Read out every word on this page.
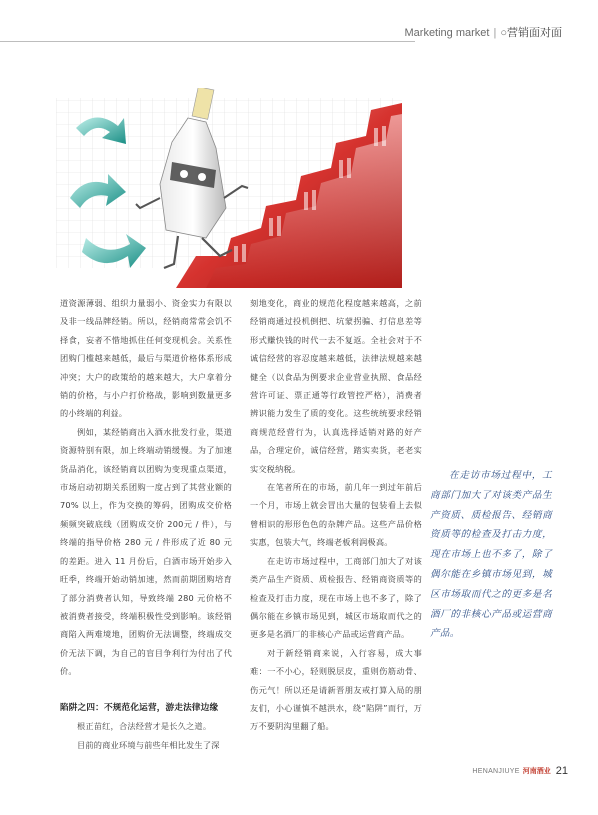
Marketing market | ○营销面对面

道资源薄弱、组织力量弱小、资金实力有限以及非一线品牌经销。所以，经销商常常会饥不择食，妄者不惜地抓住任何变现机会。关系性团购门槛越来越低，最后与渠道价格体系形成冲突；大户的政策给的越来越大，大户拿着分销的价格，与小户打价格战，影响到数量更多的小终端的利益。

例如，某经销商出入酒水批发行业，渠道资源特别有限，加上终端动销缓慢。为了加速货品消化，该经销商以团购为变现重点渠道，市场启动初期关系团购一度占到了其营业额的 70% 以上，作为交换的筹码，团购成交价格频频突破底线（团购成交价 200元 / 件），与终端的指导价格 280 元 / 件形成了近 80 元的差距。进入 11 月份后，白酒市场开始步入旺季，终端开始动销加速，然而前期团购培育了部分消费者认知，导致终端 280 元价格不被消费者接受，终端积极性受到影响。该经销商陷入两难境地，团购价无法调整，终端成交价无法下调，为自己的盲目争利行为付出了代价。

陷阱之四：不规范化运营，游走法律边缘

根正苗红，合法经营才是长久之道。

目前的商业环境与前些年相比发生了深

刻地变化，商业的规范化程度越来越高，之前经销商通过投机倒把、坑蒙拐骗、打信息差等形式赚快钱的时代一去不复返。全社会对于不诚信经营的容忍度越来越低，法律法规越来越健全（以食品为例要求企业营业执照、食品经营许可证、票正通等行政管控严格），消费者辨识能力发生了质的变化。这些统统要求经销商规范经营行为，认真选择适销对路的好产品，合理定价，诚信经营，踏实卖货，老老实实交税纳税。

在笔者所在的市场，前几年一到过年前后一个月，市场上就会冒出大量的包装看上去似曾相识的形形色色的杂牌产品。这些产品价格实惠，包装大气，终端老板利润极高。

在走访市场过程中，工商部门加大了对该类产品生产资质、质检报告、经销商资质等的检查及打击力度，现在市场上也不多了，除了偶尔能在乡镇市场见到，城区市场取而代之的更多是名酒厂的非核心产品或运营商产品。

对于新经销商来说，入行容易，成大事难：一不小心，轻则脱层皮，重则伤筋动骨、伤元气！所以还是请新晋朋友戒打算入局的朋友们，小心谨慎不越洪水，绕“陷阱”而行，万万不要阴沟里翻了船。

在走访市场过程中，工商部门加大了对该类产品生产资质、质检报告、经销商资质等的检查及打击力度，现在市场上也不多了，除了偶尔能在乡镇市场见到，城区市场取而代之的更多是名酒厂的非核心产品或运营商产品。
HENANJIUYE 河南酒业 21
